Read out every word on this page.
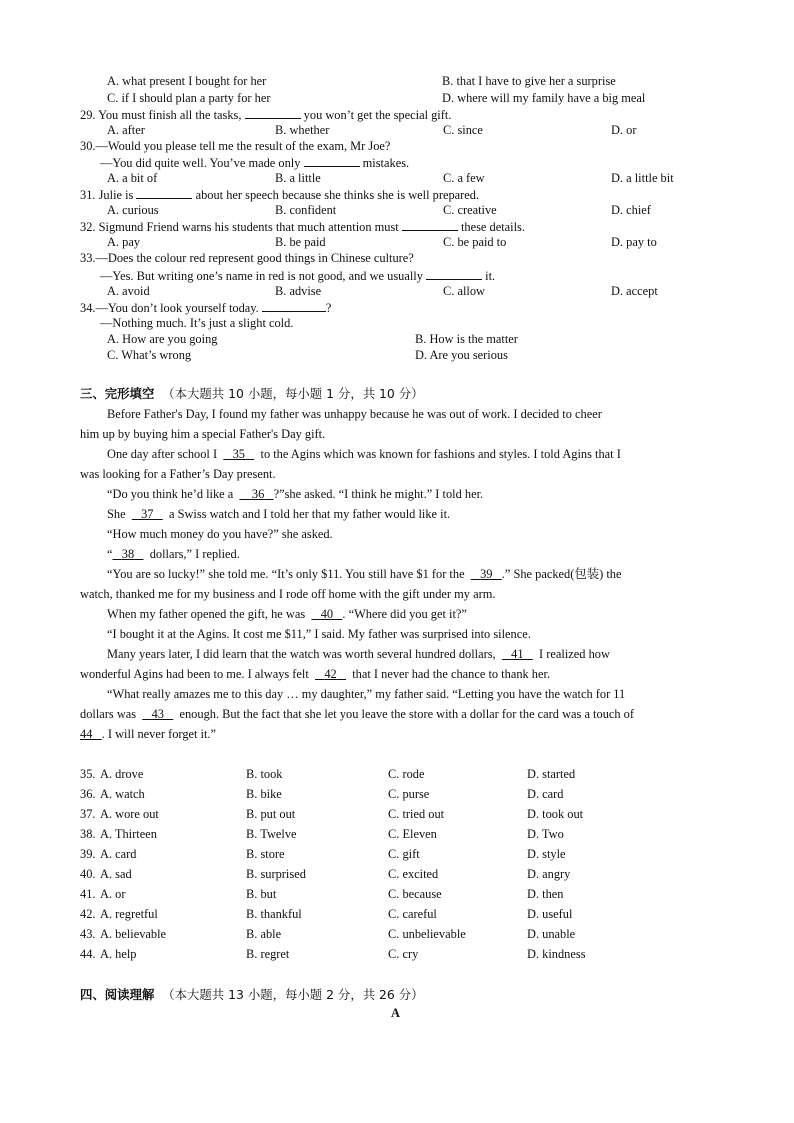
A. what present I bought for her	B. that I have to give her a surprise
C. if I should plan a party for her	D. where will my family have a big meal
29. You must finish all the tasks,	you won’t get the special gift.
A. after	B. whether	C. since	D. or
30.—Would you please tell me the result of the exam, Mr Joe?
—You did quite well. You’ve made only	mistakes.
A. a bit of	B. a little	C. a few	D. a little bit
31. Julie is	about her speech because she thinks she is well prepared.
A. curious	B. confident	C. creative	D. chief
32. Sigmund Friend warns his students that much attention must	these details.
A. pay	B. be paid	C. be paid to	D. pay to
33.—Does the colour red represent good things in Chinese culture?
—Yes. But writing one’s name in red is not good, and we usually	it.
A. avoid	B. advise	C. allow	D. accept
34.—You don’t look yourself today.	?
—Nothing much. It’s just a slight cold.
A. How are you going	B. How is the matter
C. What’s wrong	D. Are you serious
三、完形填空 （本大题共 10 小题，每小题 1 分，共 10 分）
Before Father's Day, I found my father was unhappy because he was out of work. I decided to cheer
him up by buying him a special Father's Day gift.
One day after school I 35 to the Agins which was known for fashions and styles. I told Agins that I
was looking for a Father’s Day present.
“Do you think he’d like a 36 ?”she asked. “I think he might.” I told her.
She 37 a Swiss watch and I told her that my father would like it.
“How much money do you have?” she asked.
“ 38 dollars,” I replied.
“You are so lucky!” she told me. “It’s only $11. You still have $1 for the 39 .” She packed(包装) the
watch, thanked me for my business and I rode off home with the gift under my arm.
When my father opened the gift, he was 40 . “Where did you get it?”
“I bought it at the Agins. It cost me $11,” I said. My father was surprised into silence.
Many years later, I did learn that the watch was worth several hundred dollars, 41 I realized how
wonderful Agins had been to me. I always felt 42 that I never had the chance to thank her.
“What really amazes me to this day … my daughter,” my father said. “Letting you have the watch for 11
dollars was 43 enough. But the fact that she let you leave the store with a dollar for the card was a touch of
44 . I will never forget it.”
35. A. drove	B. took	C. rode	D. started
36. A. watch	B. bike	C. purse	D. card
37. A. wore out	B. put out	C. tried out	D. took out
38. A. Thirteen	B. Twelve	C. Eleven	D. Two
39. A. card	B. store	C. gift	D. style
40. A. sad	B. surprised	C. excited	D. angry
41. A. or	B. but	C. because	D. then
42. A. regretful	B. thankful	C. careful	D. useful
43. A. believable	B. able	C. unbelievable	D. unable
44. A. help	B. regret	C. cry	D. kindness
四、阅读理解 （本大题共 13 小题，每小题 2 分，共 26 分）
A
